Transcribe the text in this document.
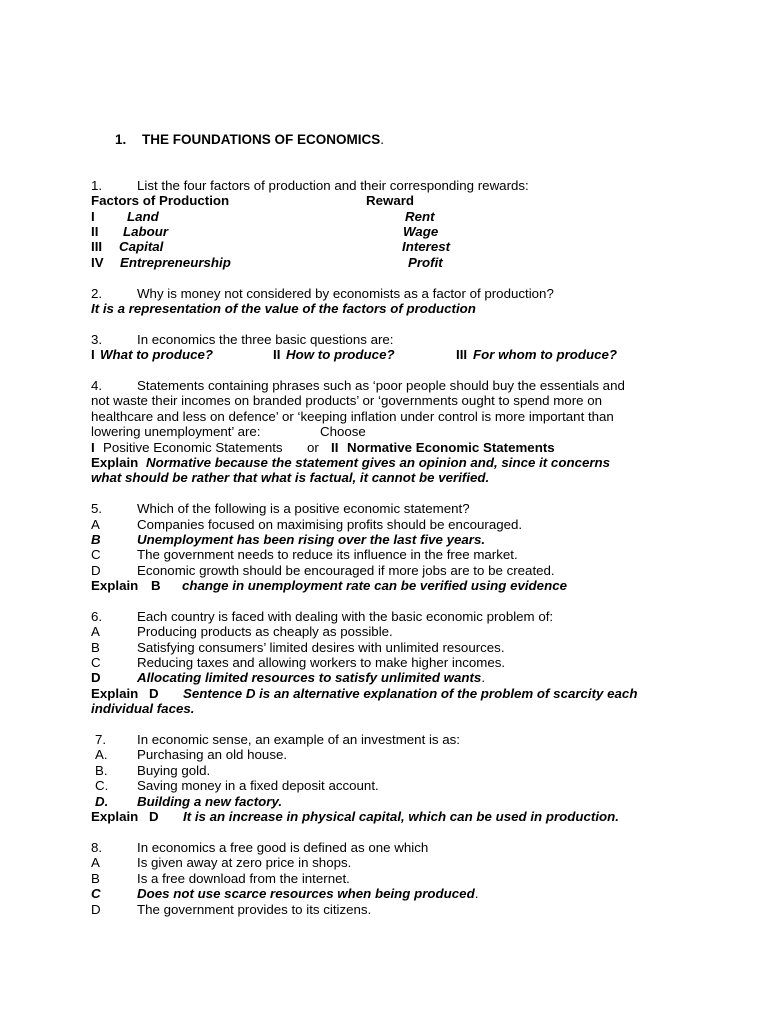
1. THE FOUNDATIONS OF ECONOMICS.
1.	List the four factors of production and their corresponding rewards:
Factors of Production	Reward
I Land	Rent
II Labour	Wage
III Capital	Interest
IV Entrepreneurship	Profit
2.	Why is money not considered by economists as a factor of production?
It is a representation of the value of the factors of production
3.	In economics the three basic questions are:
I What to produce?	II How to produce?	III For whom to produce?
4.	Statements containing phrases such as ‘poor people should buy the essentials and
not waste their incomes on branded products’ or ‘governments ought to spend more on
healthcare and less on defence’ or ‘keeping inflation under control is more important than
lowering unemployment’ are:	Choose
I Positive Economic Statements or II Normative Economic Statements
Explain Normative because the statement gives an opinion and, since it concerns
what should be rather that what is factual, it cannot be verified.
5.	Which of the following is a positive economic statement?
A	Companies focused on maximising profits should be encouraged.
B	Unemployment has been rising over the last five years.
C	The government needs to reduce its influence in the free market.
D	Economic growth should be encouraged if more jobs are to be created.
Explain B change in unemployment rate can be verified using evidence
6.	Each country is faced with dealing with the basic economic problem of:
A	Producing products as cheaply as possible.
B	Satisfying consumers’ limited desires with unlimited resources.
C	Reducing taxes and allowing workers to make higher incomes.
D	Allocating limited resources to satisfy unlimited wants.
Explain D Sentence D is an alternative explanation of the problem of scarcity each
individual faces.
7. In economic sense, an example of an investment is as:
A. Purchasing an old house.
B. Buying gold.
C. Saving money in a fixed deposit account.
D. Building a new factory.
Explain D It is an increase in physical capital, which can be used in production.
8.	In economics a free good is defined as one which
A	Is given away at zero price in shops.
B	Is a free download from the internet.
C	Does not use scarce resources when being produced.
D	The government provides to its citizens.
